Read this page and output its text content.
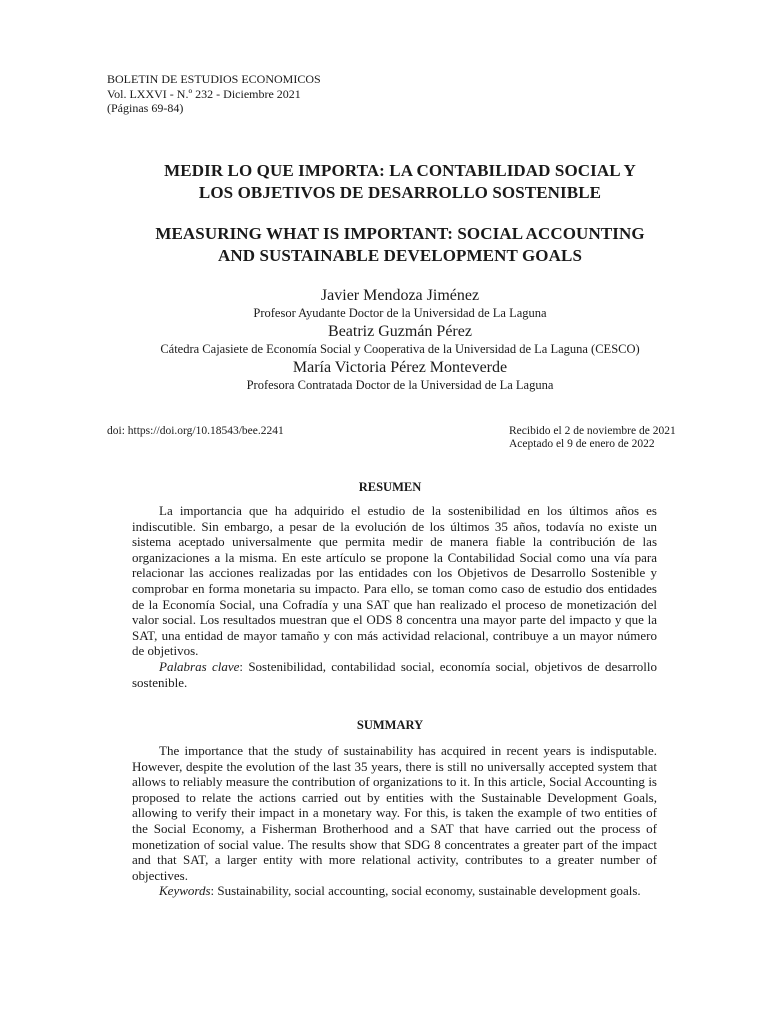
BOLETIN DE ESTUDIOS ECONOMICOS
Vol. LXXVI - N.º 232 - Diciembre 2021
(Páginas 69-84)
MEDIR LO QUE IMPORTA: LA CONTABILIDAD SOCIAL Y
LOS OBJETIVOS DE DESARROLLO SOSTENIBLE
MEASURING WHAT IS IMPORTANT: SOCIAL ACCOUNTING
AND SUSTAINABLE DEVELOPMENT GOALS
Javier Mendoza Jiménez
Profesor Ayudante Doctor de la Universidad de La Laguna
Beatriz Guzmán Pérez
Cátedra Cajasiete de Economía Social y Cooperativa de la Universidad de La Laguna (CESCO)
María Victoria Pérez Monteverde
Profesora Contratada Doctor de la Universidad de La Laguna
doi: https://doi.org/10.18543/bee.2241	Recibido el 2 de noviembre de 2021
Aceptado el 9 de enero de 2022
RESUMEN

La importancia que ha adquirido el estudio de la sostenibilidad en los últimos años es indiscutible. Sin embargo, a pesar de la evolución de los últimos 35 años, todavía no existe un sistema aceptado universalmente que permita medir de manera fiable la contribución de las organizaciones a la misma. En este artículo se propone la Contabilidad Social como una vía para relacionar las acciones realizadas por las entidades con los Objetivos de Desarrollo Sostenible y comprobar en forma monetaria su impacto. Para ello, se toman como caso de estudio dos entidades de la Economía Social, una Cofradía y una SAT que han realizado el proceso de monetización del valor social. Los resultados muestran que el ODS 8 concentra una mayor parte del impacto y que la SAT, una entidad de mayor tamaño y con más actividad relacional, contribuye a un mayor número de objetivos.

Palabras clave: Sostenibilidad, contabilidad social, economía social, objetivos de desarrollo sostenible.

SUMMARY

The importance that the study of sustainability has acquired in recent years is indisputable. However, despite the evolution of the last 35 years, there is still no universally accepted system that allows to reliably measure the contribution of organizations to it. In this article, Social Accounting is proposed to relate the actions carried out by entities with the Sustainable Development Goals, allowing to verify their impact in a monetary way. For this, is taken the example of two entities of the Social Economy, a Fisherman Brotherhood and a SAT that have carried out the process of monetization of social value. The results show that SDG 8 concentrates a greater part of the impact and that SAT, a larger entity with more relational activity, contributes to a greater number of objectives.

Keywords: Sustainability, social accounting, social economy, sustainable development goals.
